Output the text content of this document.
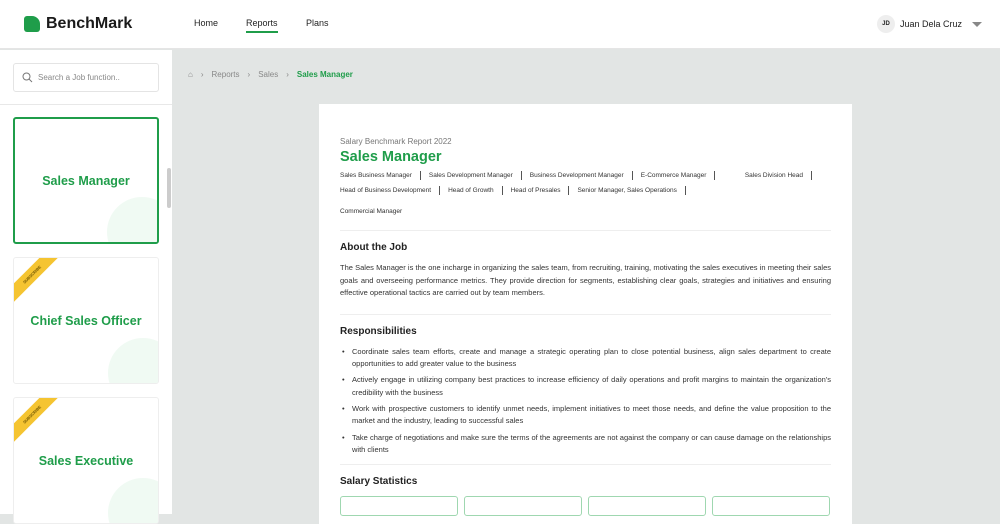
BenchMark	Home	Reports	Plans	JD	Juan Dela Cruz
Search a Job function..
Sales Manager
SUBSCRIBE
Chief Sales Officer
SUBSCRIBE
Sales Executive
⌂ › Reports › Sales › Sales Manager
Salary Benchmark Report 2022
Sales Manager
Sales Business Manager	Sales Development Manager	Business Development Manager	E-Commerce Manager	Sales Division Head
Head of Business Development	Head of Growth	Head of Presales	Senior Manager, Sales Operations
Commercial Manager
About the Job

The Sales Manager is the one incharge in organizing the sales team, from recruiting, training, motivating the sales executives in meeting their sales goals and overseeing performance metrics. They provide direction for segments, establishing clear goals, strategies and initiatives and ensuring effective operational tactics are carried out by team members.

Responsibilities
• Coordinate sales team efforts, create and manage a strategic operating plan to close potential business, align sales department to create opportunities to add greater value to the business
• Actively engage in utilizing company best practices to increase efficiency of daily operations and profit margins to maintain the organization's credibility with the business
• Work with prospective customers to identify unmet needs, implement initiatives to meet those needs, and define the value proposition to the market and the industry, leading to successful sales
• Take charge of negotiations and make sure the terms of the agreements are not against the company or can cause damage on the relationships with clients
Salary Statistics
